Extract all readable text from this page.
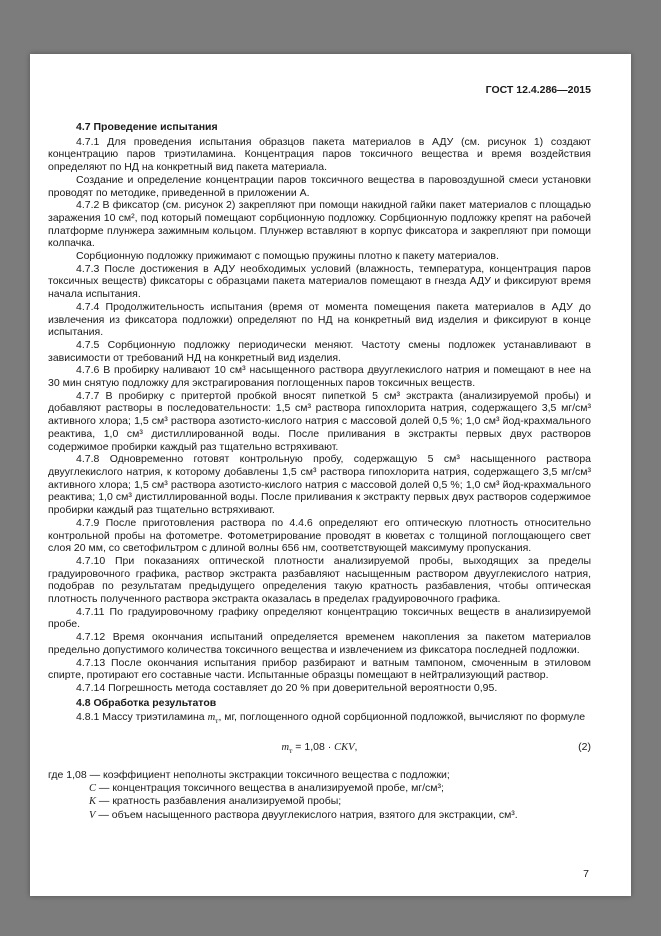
ГОСТ 12.4.286—2015

4.7 Проведение испытания

4.7.1 Для проведения испытания образцов пакета материалов в АДУ (см. рисунок 1) создают концентрацию паров триэтиламина. Концентрация паров токсичного вещества и время воздействия определяют по НД на конкретный вид пакета материала.

Создание и определение концентрации паров токсичного вещества в паровоздушной смеси установки проводят по методике, приведенной в приложении А.

4.7.2 В фиксатор (см. рисунок 2) закрепляют при помощи накидной гайки пакет материалов с площадью заражения 10 см², под который помещают сорбционную подложку. Сорбционную подложку крепят на рабочей платформе плунжера зажимным кольцом. Плунжер вставляют в корпус фиксатора и закрепляют при помощи колпачка.

Сорбционную подложку прижимают с помощью пружины плотно к пакету материалов.

4.7.3 После достижения в АДУ необходимых условий (влажность, температура, концентрация паров токсичных веществ) фиксаторы с образцами пакета материалов помещают в гнезда АДУ и фиксируют время начала испытания.

4.7.4 Продолжительность испытания (время от момента помещения пакета материалов в АДУ до извлечения из фиксатора подложки) определяют по НД на конкретный вид изделия и фиксируют в конце испытания.

4.7.5 Сорбционную подложку периодически меняют. Частоту смены подложек устанавливают в зависимости от требований НД на конкретный вид изделия.

4.7.6 В пробирку наливают 10 см³ насыщенного раствора двууглекислого натрия и помещают в нее на 30 мин снятую подложку для экстрагирования поглощенных паров токсичных веществ.

4.7.7 В пробирку с притертой пробкой вносят пипеткой 5 см³ экстракта (анализируемой пробы) и добавляют растворы в последовательности: 1,5 см³ раствора гипохлорита натрия, содержащего 3,5 мг/см³ активного хлора; 1,5 см³ раствора азотисто-кислого натрия с массовой долей 0,5 %; 1,0 см³ йод-крахмального реактива, 1,0 см³ дистиллированной воды. После приливания в экстракты первых двух растворов содержимое пробирки каждый раз тщательно встряхивают.

4.7.8 Одновременно готовят контрольную пробу, содержащую 5 см³ насыщенного раствора двууглекислого натрия, к которому добавлены 1,5 см³ раствора гипохлорита натрия, содержащего 3,5 мг/см³ активного хлора; 1,5 см³ раствора азотисто-кислого натрия с массовой долей 0,5 %; 1,0 см³ йод-крахмального реактива; 1,0 см³ дистиллированной воды. После приливания к экстракту первых двух растворов содержимое пробирки каждый раз тщательно встряхивают.

4.7.9 После приготовления раствора по 4.4.6 определяют его оптическую плотность относительно контрольной пробы на фотометре. Фотометрирование проводят в кюветах с толщиной поглощающего свет слоя 20 мм, со светофильтром с длиной волны 656 нм, соответствующей максимуму пропускания.

4.7.10 При показаниях оптической плотности анализируемой пробы, выходящих за пределы градуировочного графика, раствор экстракта разбавляют насыщенным раствором двууглекислого натрия, подобрав по результатам предыдущего определения такую кратность разбавления, чтобы оптическая плотность полученного раствора экстракта оказалась в пределах градуировочного графика.

4.7.11 По градуировочному графику определяют концентрацию токсичных веществ в анализируемой пробе.

4.7.12 Время окончания испытаний определяется временем накопления за пакетом материалов предельно допустимого количества токсичного вещества и извлечением из фиксатора последней подложки.

4.7.13 После окончания испытания прибор разбирают и ватным тампоном, смоченным в этиловом спирте, протирают его составные части. Испытанные образцы помещают в нейтрализующий раствор.

4.7.14 Погрешность метода составляет до 20 % при доверительной вероятности 0,95.

4.8 Обработка результатов

4.8.1 Массу триэтиламина $m_т$, мг, поглощенного одной сорбционной подложкой, вычисляют по формуле

$m_т = 1,08$ · CKV,	(2)

где 1,08 — коэффициент неполноты экстракции токсичного вещества с подложки;

С — концентрация токсичного вещества в анализируемой пробе, мг/см³;

К — кратность разбавления анализируемой пробы;

V — объем насыщенного раствора двууглекислого натрия, взятого для экстракции, см³.

7
